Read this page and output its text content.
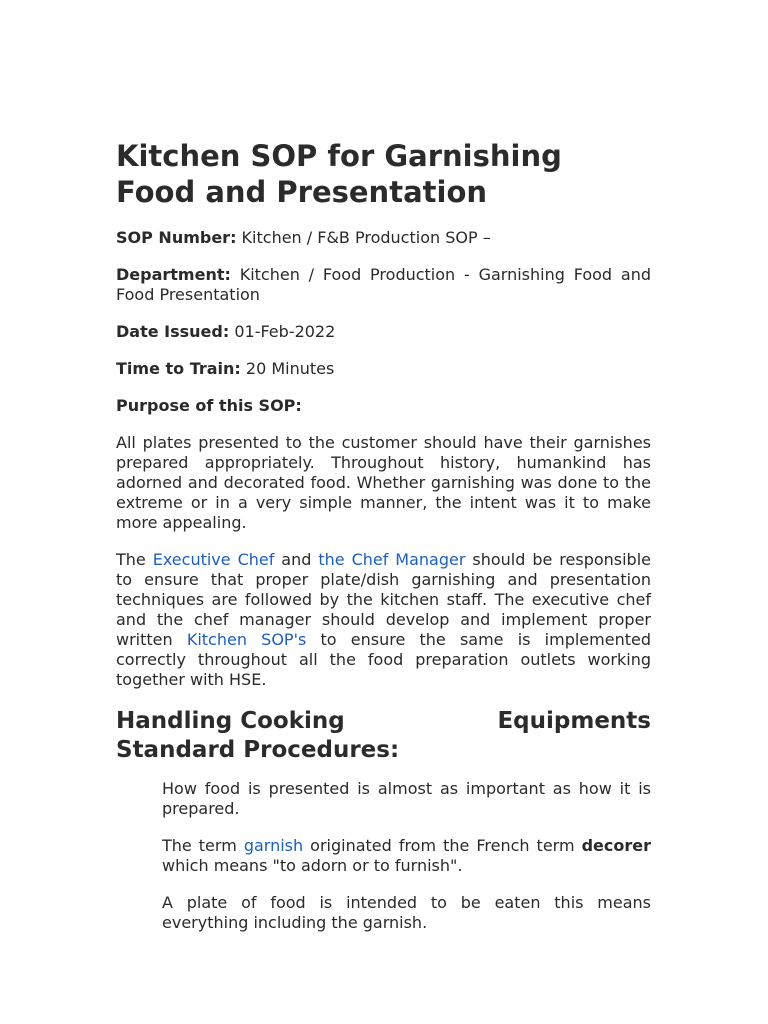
Kitchen SOP for Garnishing Food and Presentation

SOP Number: Kitchen / F&B Production SOP –

Department: Kitchen / Food Production - Garnishing Food and Food Presentation

Date Issued: 01-Feb-2022

Time to Train: 20 Minutes

Purpose of this SOP:

All plates presented to the customer should have their garnishes prepared appropriately. Throughout history, humankind has adorned and decorated food. Whether garnishing was done to the extreme or in a very simple manner, the intent was it to make more appealing.

The Executive Chef and the Chef Manager should be responsible to ensure that proper plate/dish garnishing and presentation techniques are followed by the kitchen staff. The executive chef and the chef manager should develop and implement proper written Kitchen SOP's to ensure the same is implemented correctly throughout all the food preparation outlets working together with HSE.

Handling Cooking	Equipments
Standard Procedures:

How food is presented is almost as important as how it is prepared.

The term garnish originated from the French term decorer which means "to adorn or to furnish".

A plate of food is intended to be eaten this means everything including the garnish.
